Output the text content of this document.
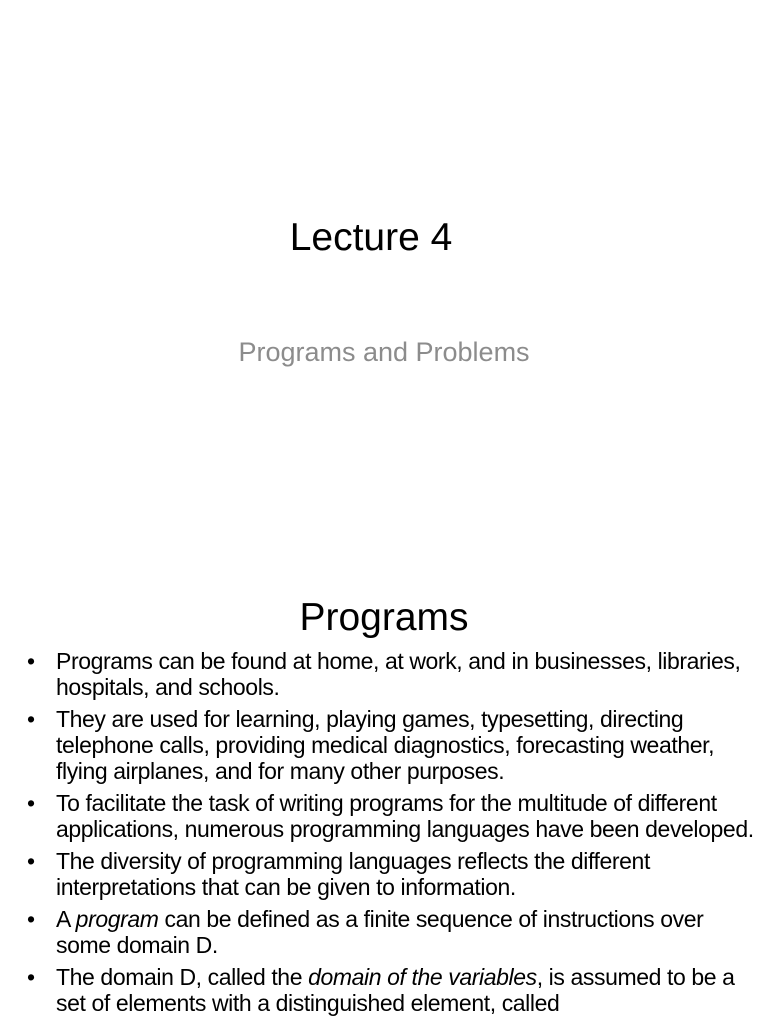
Lecture 4
Programs and Problems
Programs
• Programs can be found at home, at work, and in businesses, libraries, hospitals, and schools.
• They are used for learning, playing games, typesetting, directing telephone calls, providing medical diagnostics, forecasting weather, flying airplanes, and for many other purposes.
• To facilitate the task of writing programs for the multitude of different applications, numerous programming languages have been developed.
• The diversity of programming languages reflects the different interpretations that can be given to information.
• A program can be defined as a finite sequence of instructions over some domain D.
• The domain D, called the domain of the variables, is assumed to be a set of elements with a distinguished element, called
